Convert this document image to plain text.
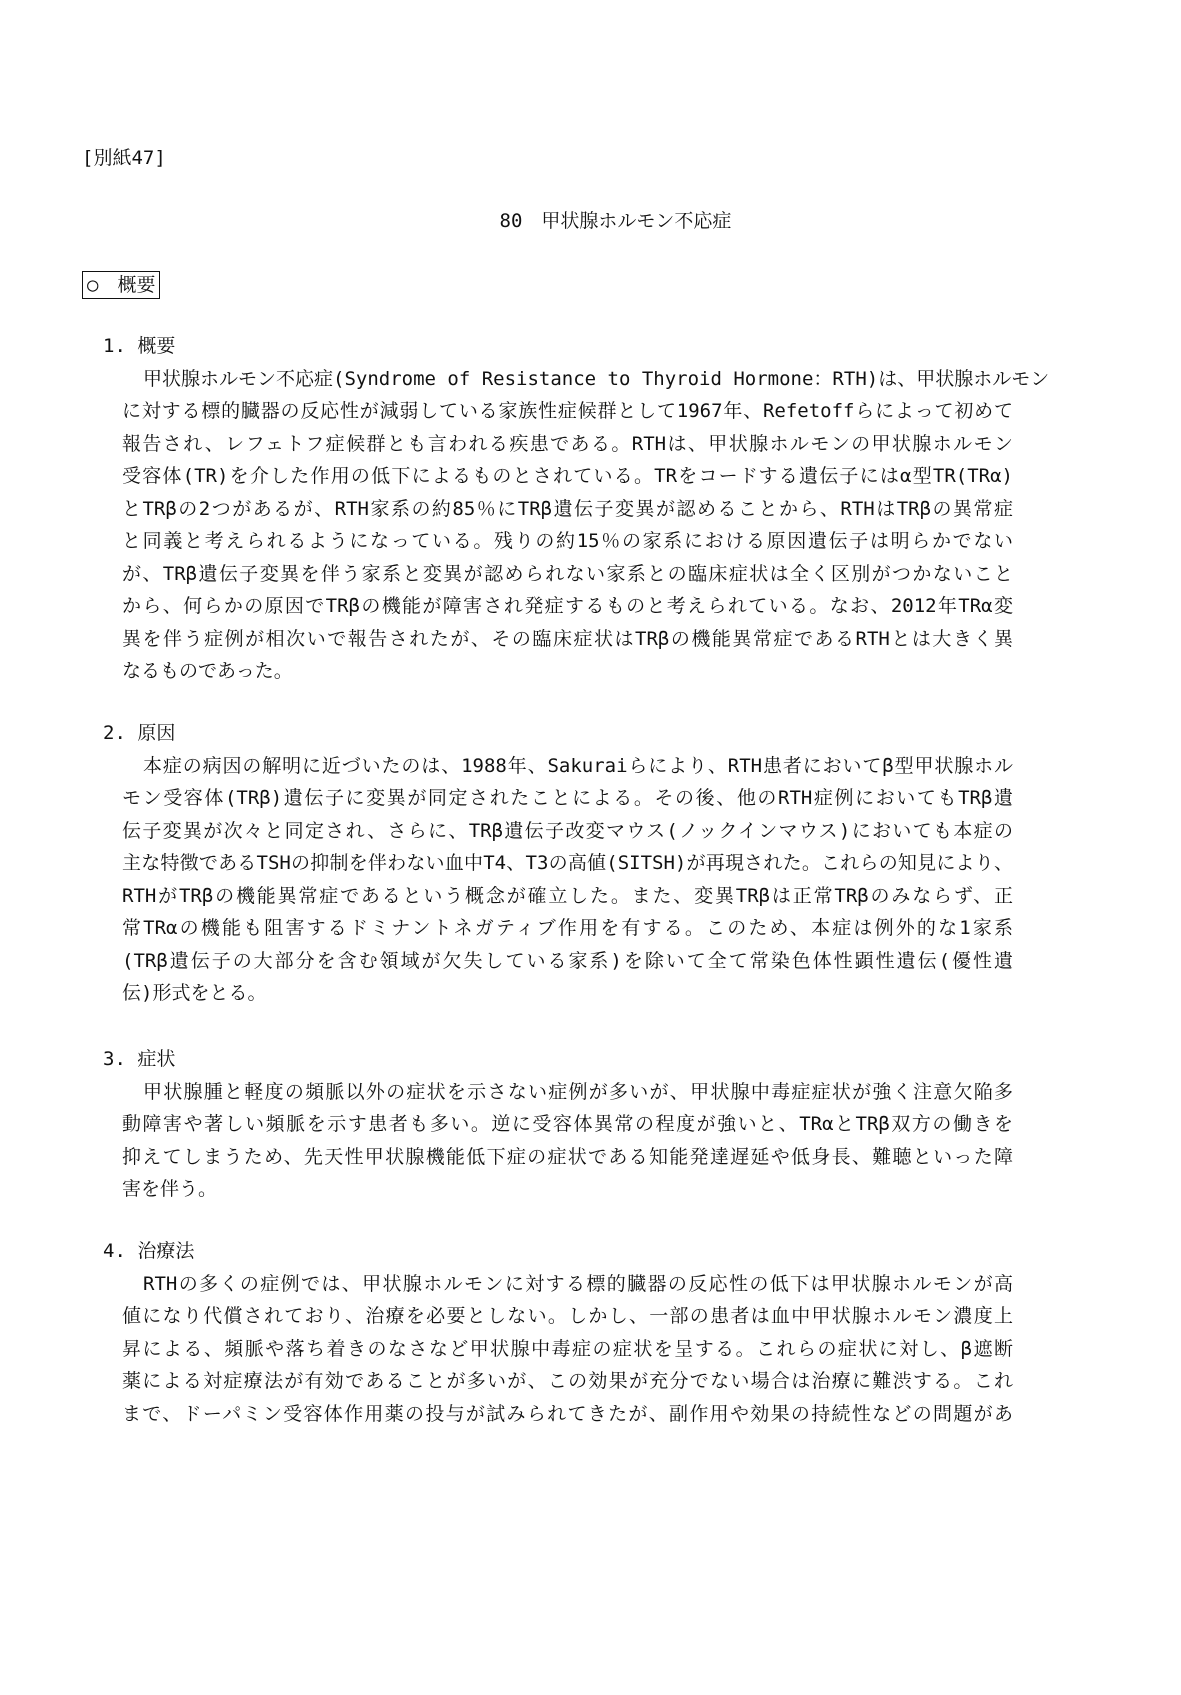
[別紙47]
80　甲状腺ホルモン不応症
○　概要
1. 概要
甲状腺ホルモン不応症(Syndrome of Resistance to Thyroid Hormone：RTH)は、甲状腺ホルモン
に対する標的臓器の反応性が減弱している家族性症候群として1967年、Refetoffらによって初めて
報告され、レフェトフ症候群とも言われる疾患である。RTHは、甲状腺ホルモンの甲状腺ホルモン
受容体(TR)を介した作用の低下によるものとされている。TRをコードする遺伝子にはα型TR(TRα)
とTRβの2つがあるが、RTH家系の約85％にTRβ遺伝子変異が認めることから、RTHはTRβの異常症
と同義と考えられるようになっている。残りの約15％の家系における原因遺伝子は明らかでない
が、TRβ遺伝子変異を伴う家系と変異が認められない家系との臨床症状は全く区別がつかないこと
から、何らかの原因でTRβの機能が障害され発症するものと考えられている。なお、2012年TRα変
異を伴う症例が相次いで報告されたが、その臨床症状はTRβの機能異常症であるRTHとは大きく異
なるものであった。
2. 原因
本症の病因の解明に近づいたのは、1988年、Sakuraiらにより、RTH患者においてβ型甲状腺ホル
モン受容体(TRβ)遺伝子に変異が同定されたことによる。その後、他のRTH症例においてもTRβ遺
伝子変異が次々と同定され、さらに、TRβ遺伝子改変マウス(ノックインマウス)においても本症の
主な特徴であるTSHの抑制を伴わない血中T4、T3の高値(SITSH)が再現された。これらの知見により、
RTHがTRβの機能異常症であるという概念が確立した。また、変異TRβは正常TRβのみならず、正
常TRαの機能も阻害するドミナントネガティブ作用を有する。このため、本症は例外的な1家系
(TRβ遺伝子の大部分を含む領域が欠失している家系)を除いて全て常染色体性顕性遺伝(優性遺
伝)形式をとる。
3. 症状
甲状腺腫と軽度の頻脈以外の症状を示さない症例が多いが、甲状腺中毒症症状が強く注意欠陥多
動障害や著しい頻脈を示す患者も多い。逆に受容体異常の程度が強いと、TRαとTRβ双方の働きを
抑えてしまうため、先天性甲状腺機能低下症の症状である知能発達遅延や低身長、難聴といった障
害を伴う。
4. 治療法
RTHの多くの症例では、甲状腺ホルモンに対する標的臓器の反応性の低下は甲状腺ホルモンが高
値になり代償されており、治療を必要としない。しかし、一部の患者は血中甲状腺ホルモン濃度上
昇による、頻脈や落ち着きのなさなど甲状腺中毒症の症状を呈する。これらの症状に対し、β遮断
薬による対症療法が有効であることが多いが、この効果が充分でない場合は治療に難渋する。これ
まで、ドーパミン受容体作用薬の投与が試みられてきたが、副作用や効果の持続性などの問題があ
